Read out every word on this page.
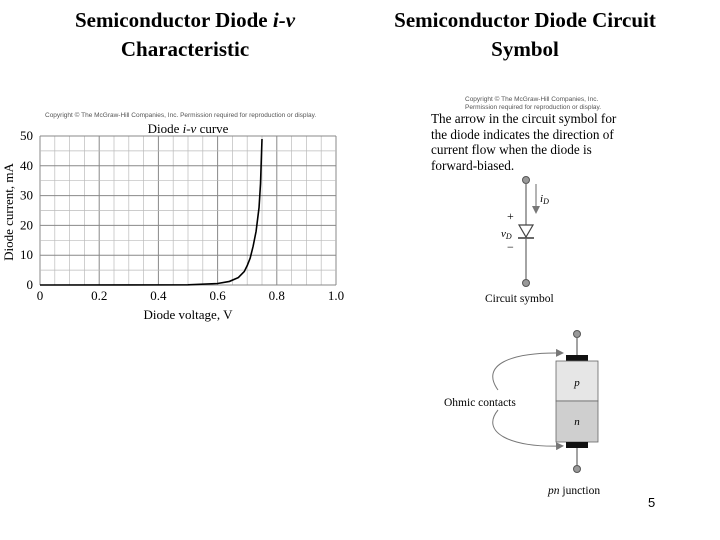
Semiconductor Diode i-v
Characteristic
Semiconductor Diode Circuit
Symbol
Copyright © The McGraw-Hill Companies, Inc. Permission required for reproduction or display.
0	0.2	0.4	0.6	0.8	1.0
0
10
20
30
40
50	Diode i-v curve
Diode voltage, V
Diode current, mA
Copyright © The McGraw-Hill Companies, Inc.
Permission required for reproduction or display.
The arrow in the circuit symbol for the diode indicates the direction of current flow when the diode is forward-biased.
iD
+
vD
−
Circuit symbol
p
n
Ohmic contacts
pn junction
5
